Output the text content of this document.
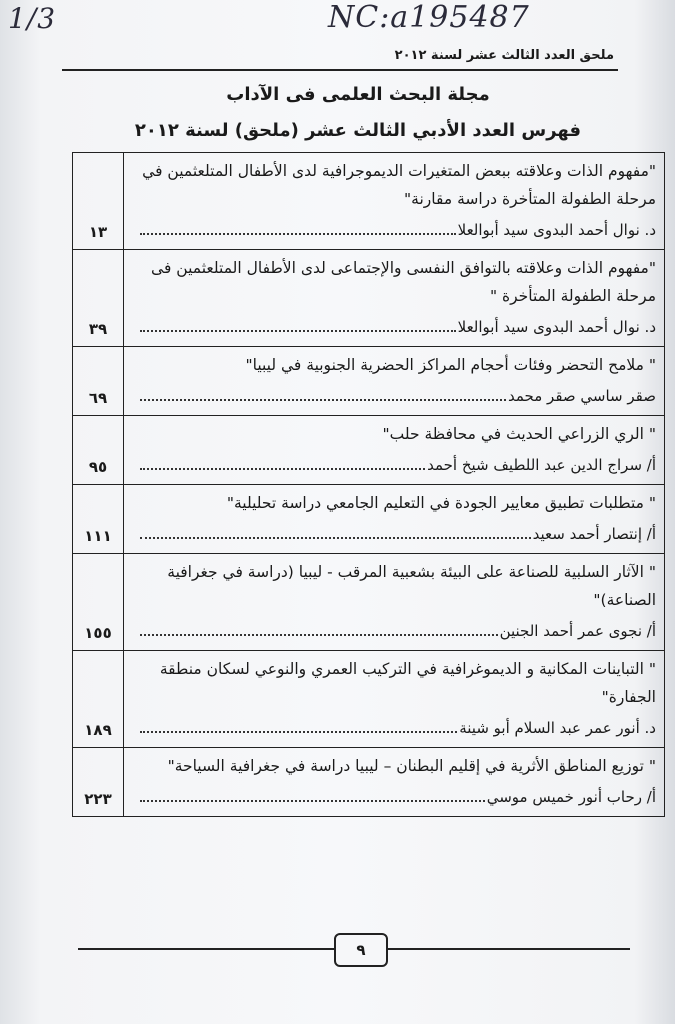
1/3	NC:a195487
ملحق العدد الثالث عشر لسنة ٢٠١٢
مجلة البحث العلمى فى الآداب
فهرس العدد الأدبي الثالث عشر (ملحق) لسنة ٢٠١٢
"مفهوم الذات وعلاقته ببعض المتغيرات الديموجرافية لدى الأطفال المتلعثمين في مرحلة الطفولة المتأخرة دراسة مقارنة"
د. نوال أحمد البدوى سيد أبوالعلا	١٣

"مفهوم الذات وعلاقته بالتوافق النفسى والإجتماعى لدى الأطفال المتلعثمين فى مرحلة الطفولة المتأخرة "
د. نوال أحمد البدوى سيد أبوالعلا	٣٩

" ملامح التحضر وفئات أحجام المراكز الحضرية الجنوبية في ليبيا"
صقر ساسي صقر محمد	٦٩

" الري الزراعي الحديث في محافظة حلب"
أ/ سراج الدين عبد اللطيف شيخ أحمد	٩٥

" متطلبات تطبيق معايير الجودة في التعليم الجامعي دراسة تحليلية"
أ/ إنتصار أحمد سعيد	١١١

" الآثار السلبية للصناعة على البيئة بشعبية المرقب - ليبيا (دراسة في جغرافية الصناعة)"
أ/ نجوى عمر أحمد الجنين	١٥٥

" التباينات المكانية و الديموغرافية في التركيب العمري والنوعي لسكان منطقة الجفارة"
د. أنور عمر عبد السلام أبو شينة	١٨٩

" توزيع المناطق الأثرية في إقليم البطنان – ليبيا دراسة في جغرافية السياحة"
أ/ رحاب أنور خميس موسي	٢٢٣
٩
